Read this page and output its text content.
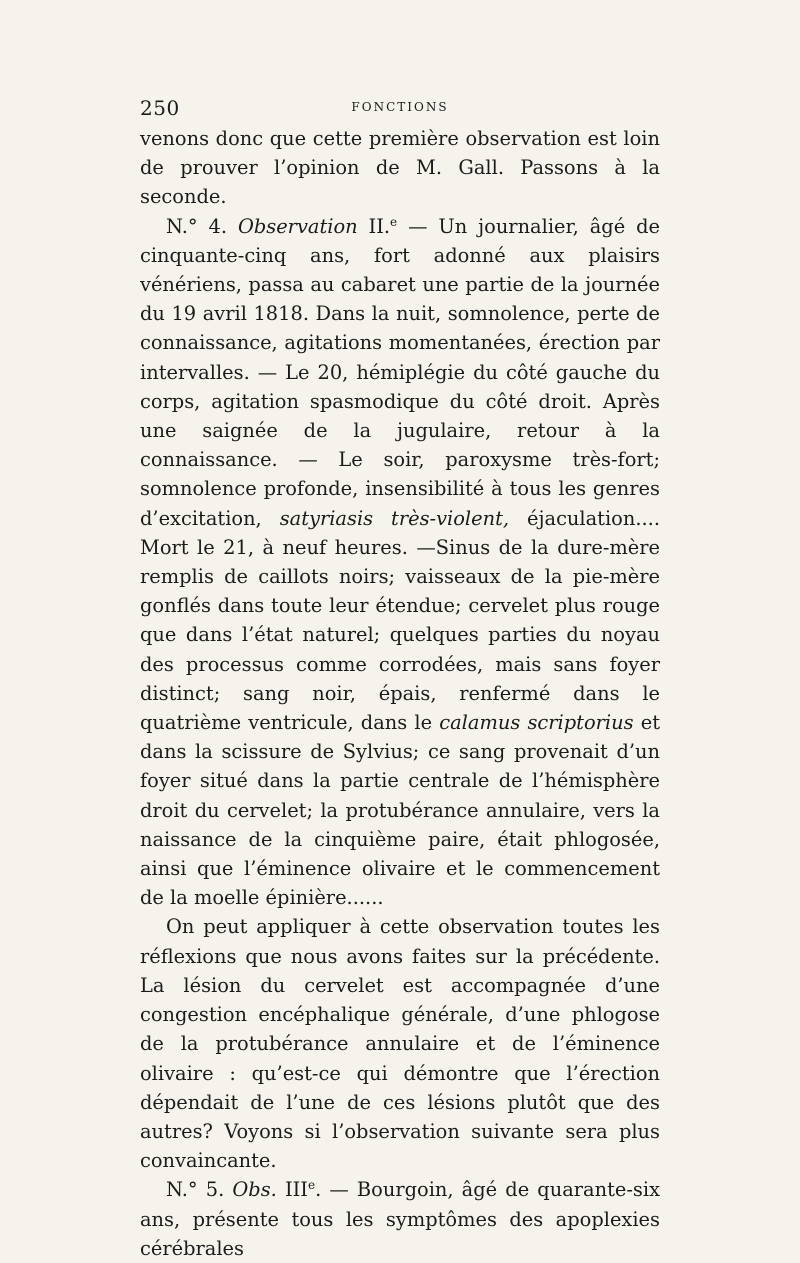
250	FONCTIONS

venons donc que cette première observation est loin de prouver l’opinion de M. Gall. Passons à la seconde.

N.° 4. Observation II.$^e$ — Un journalier, âgé de cinquante-cinq ans, fort adonné aux plaisirs vénériens, passa au cabaret une partie de la journée du 19 avril 1818. Dans la nuit, somnolence, perte de connaissance, agitations momentanées, érection par intervalles. — Le 20, hémiplégie du côté gauche du corps, agitation spasmodique du côté droit. Après une saignée de la jugulaire, retour à la connaissance. — Le soir, paroxysme très-fort; somnolence profonde, insensibilité à tous les genres d’excitation, satyriasis très-violent, éjaculation.... Mort le 21, à neuf heures. —Sinus de la dure-mère remplis de caillots noirs; vaisseaux de la pie-mère gonflés dans toute leur étendue; cervelet plus rouge que dans l’état naturel; quelques parties du noyau des processus comme corrodées, mais sans foyer distinct; sang noir, épais, renfermé dans le quatrième ventricule, dans le calamus scriptorius et dans la scissure de Sylvius; ce sang provenait d’un foyer situé dans la partie centrale de l’hémisphère droit du cervelet; la protubérance annulaire, vers la naissance de la cinquième paire, était phlogosée, ainsi que l’éminence olivaire et le commencement de la moelle épinière......

On peut appliquer à cette observation toutes les réflexions que nous avons faites sur la précédente. La lésion du cervelet est accompagnée d’une congestion encéphalique générale, d’une phlogose de la protubérance annulaire et de l’éminence olivaire : qu’est-ce qui démontre que l’érection dépendait de l’une de ces lésions plutôt que des autres? Voyons si l’observation suivante sera plus convaincante.

N.° 5. Obs. IIIe. — Bourgoin, âgé de quarante-six ans, présente tous les symptômes des apoplexies cérébrales
